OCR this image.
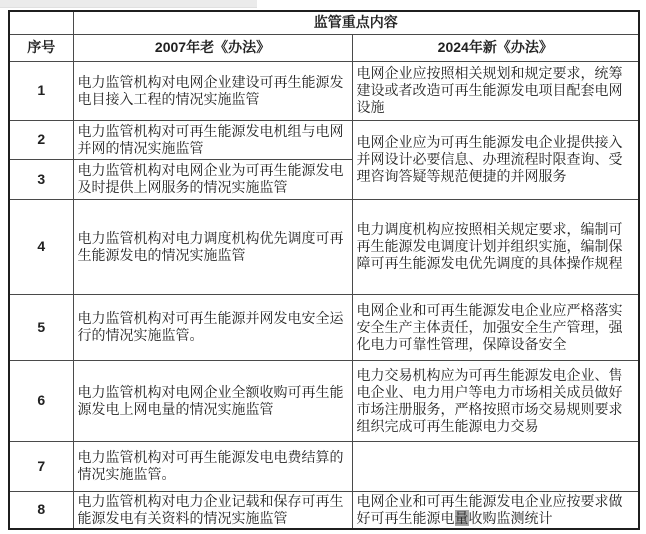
	监管重点内容	
序号	2007年老《办法》	2024年新《办法》
1	电力监管机构对电网企业建设可再生能源发电目接入工程的情况实施监管	电网企业应按照相关规划和规定要求，统筹建设或者改造可再生能源发电项目配套电网设施
2	电力监管机构对可再生能源发电机组与电网并网的情况实施监管	电网企业应为可再生能源发电企业提供接入并网设计必要信息、办理流程时限查询、受理咨询答疑等规范便捷的并网服务
3	电力监管机构对电网企业为可再生能源发电及时提供上网服务的情况实施监管	
4	电力监管机构对电力调度机构优先调度可再生能源发电的情况实施监管	电力调度机构应按照相关规定要求，编制可再生能源发电调度计划并组织实施，编制保障可再生能源发电优先调度的具体操作规程
5	电力监管机构对可再生能源并网发电安全运行的情况实施监管。	电网企业和可再生能源发电企业应严格落实安全生产主体责任，加强安全生产管理，强化电力可靠性管理，保障设备安全
6	电力监管机构对电网企业全额收购可再生能源发电上网电量的情况实施监管	电力交易机构应为可再生能源发电企业、售电企业、电力用户等电力市场相关成员做好市场注册服务，严格按照市场交易规则要求组织完成可再生能源电力交易
7	电力监管机构对可再生能源发电电费结算的情况实施监管。	
8	电力监管机构对电力企业记载和保存可再生能源发电有关资料的情况实施监管	电网企业和可再生能源发电企业应按要求做好可再生能源电量收购监测统计
